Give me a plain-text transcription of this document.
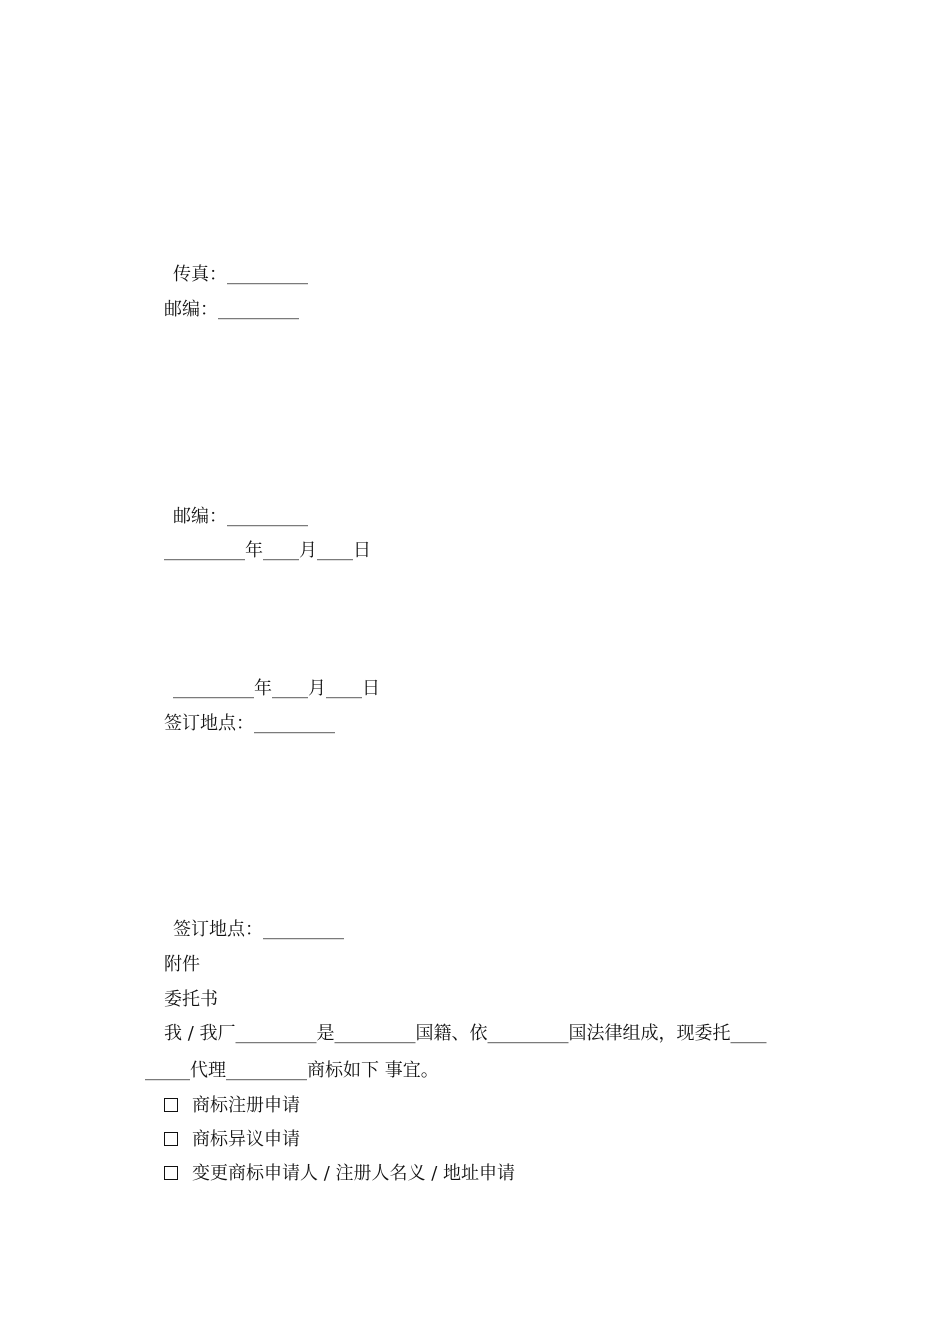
传真：_________
邮编：_________
邮编：_________
_________年____月____日
_________年____月____日
签订地点：_________
签订地点：_________
附件
委托书
我 / 我厂_________是_________国籍、依_________国法律组成，现委托____
_____代理_________商标如下 事宜。
商标注册申请
商标异议申请
变更商标申请人 / 注册人名义 / 地址申请
